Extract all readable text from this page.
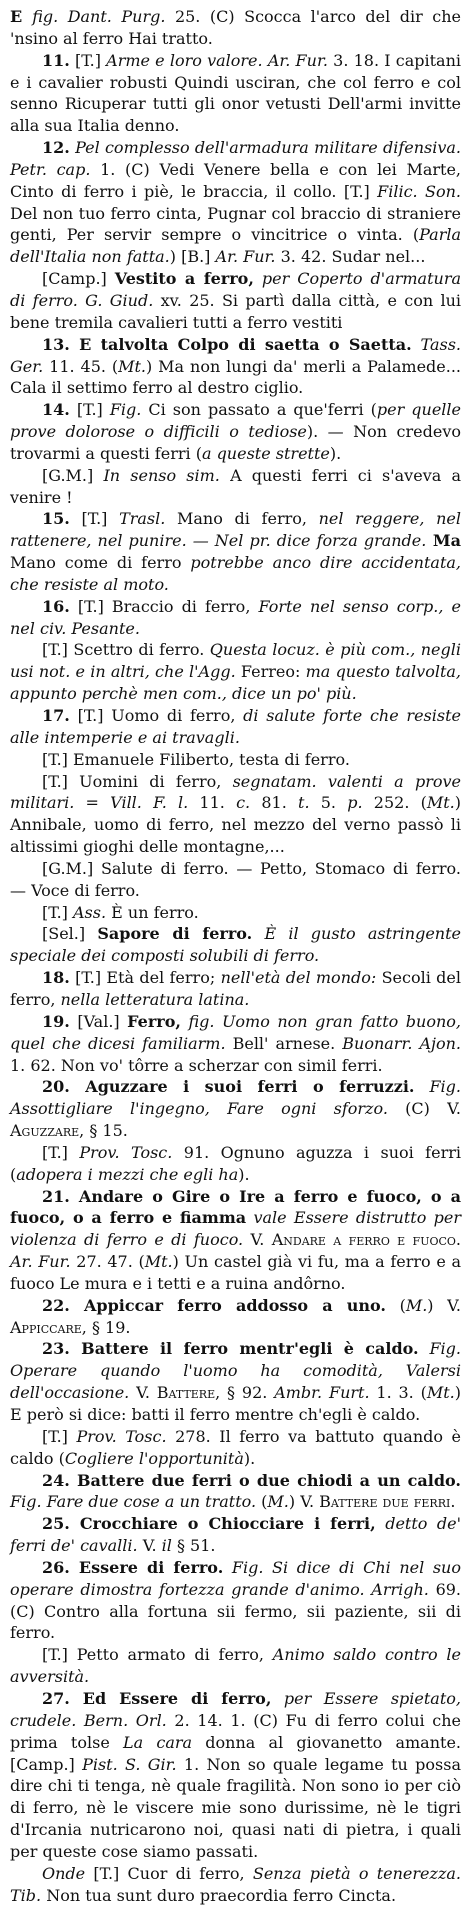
E fig. Dant. Purg. 25. (C) Scocca l'arco del dir che 'nsino al ferro Hai tratto.

11. [T.] Arme e loro valore. Ar. Fur. 3. 18. I capitani e i cavalier robusti Quindi usciran, che col ferro e col senno Ricuperar tutti gli onor vetusti Dell'armi invitte alla sua Italia denno.

12. Pel complesso dell'armadura militare difensiva. Petr. cap. 1. (C) Vedi Venere bella e con lei Marte, Cinto di ferro i piè, le braccia, il collo. [T.] Filic. Son. Del non tuo ferro cinta, Pugnar col braccio di straniere genti, Per servir sempre o vincitrice o vinta. (Parla dell'Italia non fatta.) [B.] Ar. Fur. 3. 42. Sudar nel...

[Camp.] Vestito a ferro, per Coperto d'armatura di ferro. G. Giud. xv. 25. Si partì dalla città, e con lui bene tremila cavalieri tutti a ferro vestiti

13. E talvolta Colpo di saetta o Saetta. Tass. Ger. 11. 45. (Mt.) Ma non lungi da' merli a Palamede... Cala il settimo ferro al destro ciglio.

14. [T.] Fig. Ci son passato a que'ferri (per quelle prove dolorose o difficili o tediose). — Non credevo trovarmi a questi ferri (a queste strette).

[G.M.] In senso sim. A questi ferri ci s'aveva a venire !

15. [T.] Trasl. Mano di ferro, nel reggere, nel rattenere, nel punire. — Nel pr. dice forza grande. Ma Mano come di ferro potrebbe anco dire accidentata, che resiste al moto.

16. [T.] Braccio di ferro, Forte nel senso corp., e nel civ. Pesante.

[T.] Scettro di ferro. Questa locuz. è più com., negli usi not. e in altri, che l'Agg. Ferreo: ma questo talvolta, appunto perchè men com., dice un po' più.

17. [T.] Uomo di ferro, di salute forte che resiste alle intemperie e ai travagli.

[T.] Emanuele Filiberto, testa di ferro.

[T.] Uomini di ferro, segnatam. valenti a prove militari. = Vill. F. l. 11. c. 81. t. 5. p. 252. (Mt.) Annibale, uomo di ferro, nel mezzo del verno passò li altissimi gioghi delle montagne,...

[G.M.] Salute di ferro. — Petto, Stomaco di ferro. — Voce di ferro.

[T.] Ass. È un ferro.

[Sel.] Sapore di ferro. È il gusto astringente speciale dei composti solubili di ferro.

18. [T.] Età del ferro; nell'età del mondo: Secoli del ferro, nella letteratura latina.

19. [Val.] Ferro, fig. Uomo non gran fatto buono, quel che dicesi familiarm. Bell' arnese. Buonarr. Ajon. 1. 62. Non vo' tôrre a scherzar con simil ferri.

20. Aguzzare i suoi ferri o ferruzzi. Fig. Assottigliare l'ingegno, Fare ogni sforzo. (C) V. Aguzzare, § 15.

[T.] Prov. Tosc. 91. Ognuno aguzza i suoi ferri (adopera i mezzi che egli ha).

21. Andare o Gire o Ire a ferro e fuoco, o a fuoco, o a ferro e fiamma vale Essere distrutto per violenza di ferro e di fuoco. V. Andare a ferro e fuoco. Ar. Fur. 27. 47. (Mt.) Un castel già vi fu, ma a ferro e a fuoco Le mura e i tetti e a ruina andôrno.

22. Appiccar ferro addosso a uno. (M.) V. Appiccare, § 19.

23. Battere il ferro mentr'egli è caldo. Fig. Operare quando l'uomo ha comodità, Valersi dell'occasione. V. Battere, § 92. Ambr. Furt. 1. 3. (Mt.) E però si dice: batti il ferro mentre ch'egli è caldo.

[T.] Prov. Tosc. 278. Il ferro va battuto quando è caldo (Cogliere l'opportunità).

24. Battere due ferri o due chiodi a un caldo. Fig. Fare due cose a un tratto. (M.) V. Battere due ferri.

25. Crocchiare o Chiocciare i ferri, detto de' ferri de' cavalli. V. il § 51.

26. Essere di ferro. Fig. Si dice di Chi nel suo operare dimostra fortezza grande d'animo. Arrigh. 69. (C) Contro alla fortuna sii fermo, sii paziente, sii di ferro.

[T.] Petto armato di ferro, Animo saldo contro le avversità.

27. Ed Essere di ferro, per Essere spietato, crudele. Bern. Orl. 2. 14. 1. (C) Fu di ferro colui che prima tolse La cara donna al giovanetto amante. [Camp.] Pist. S. Gir. 1. Non so quale legame tu possa dire chi ti tenga, nè quale fragilità. Non sono io per ciò di ferro, nè le viscere mie sono durissime, nè le tigri d'Ircania nutricarono noi, quasi nati di pietra, i quali per queste cose siamo passati.

Onde [T.] Cuor di ferro, Senza pietà o tenerezza. Tib. Non tua sunt duro praecordia ferro Cincta.
